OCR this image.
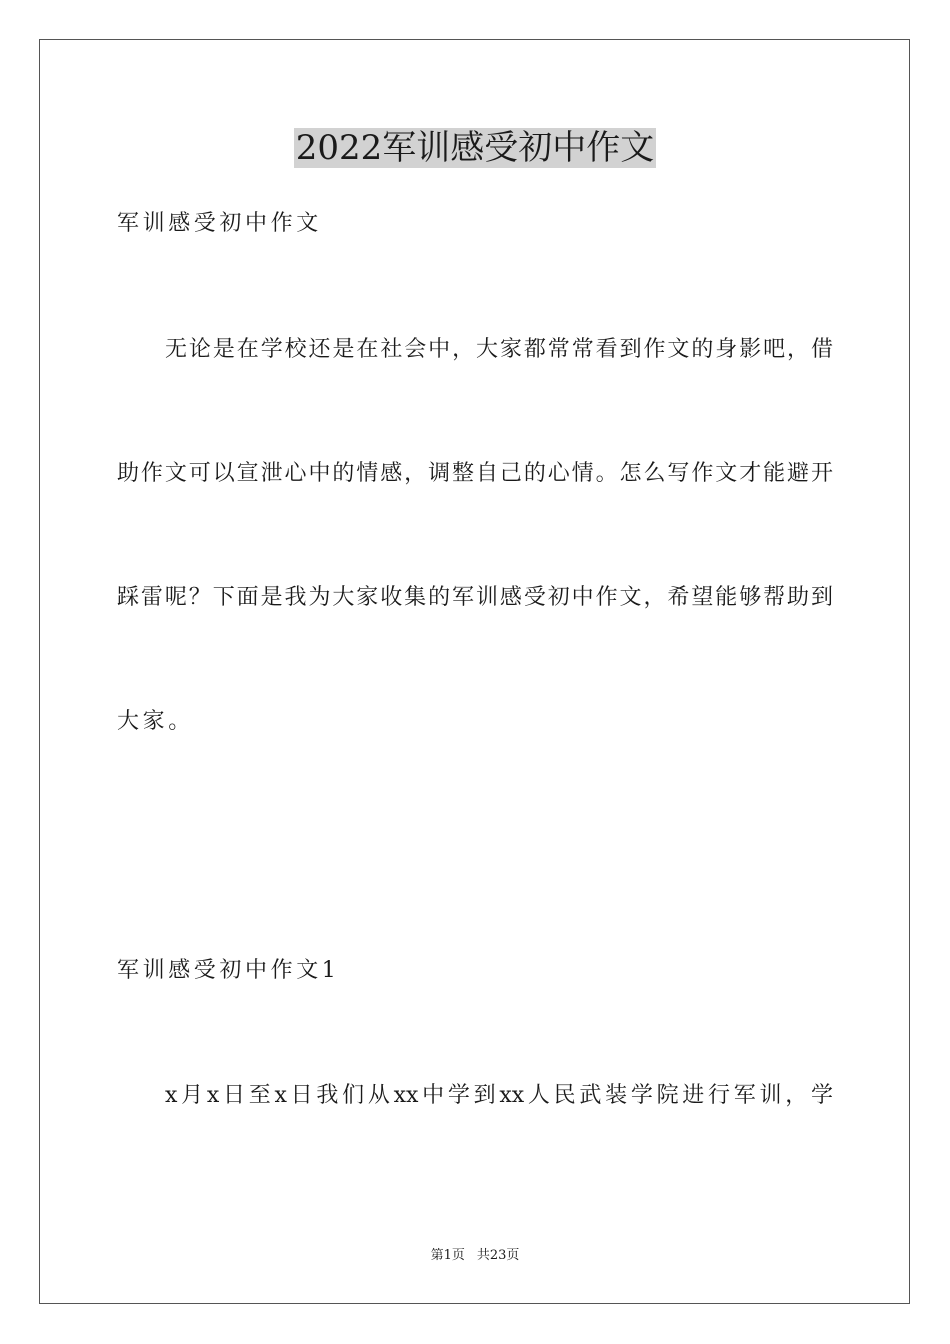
2022军训感受初中作文
军训感受初中作文
无论是在学校还是在社会中，大家都常常看到作文的身影吧，借
助作文可以宣泄心中的情感，调整自己的心情。怎么写作文才能避开
踩雷呢？下面是我为大家收集的军训感受初中作文，希望能够帮助到
大家。
军训感受初中作文1
x月x日至x日我们从xx中学到xx人民武装学院进行军训，学
第1页 共23页
